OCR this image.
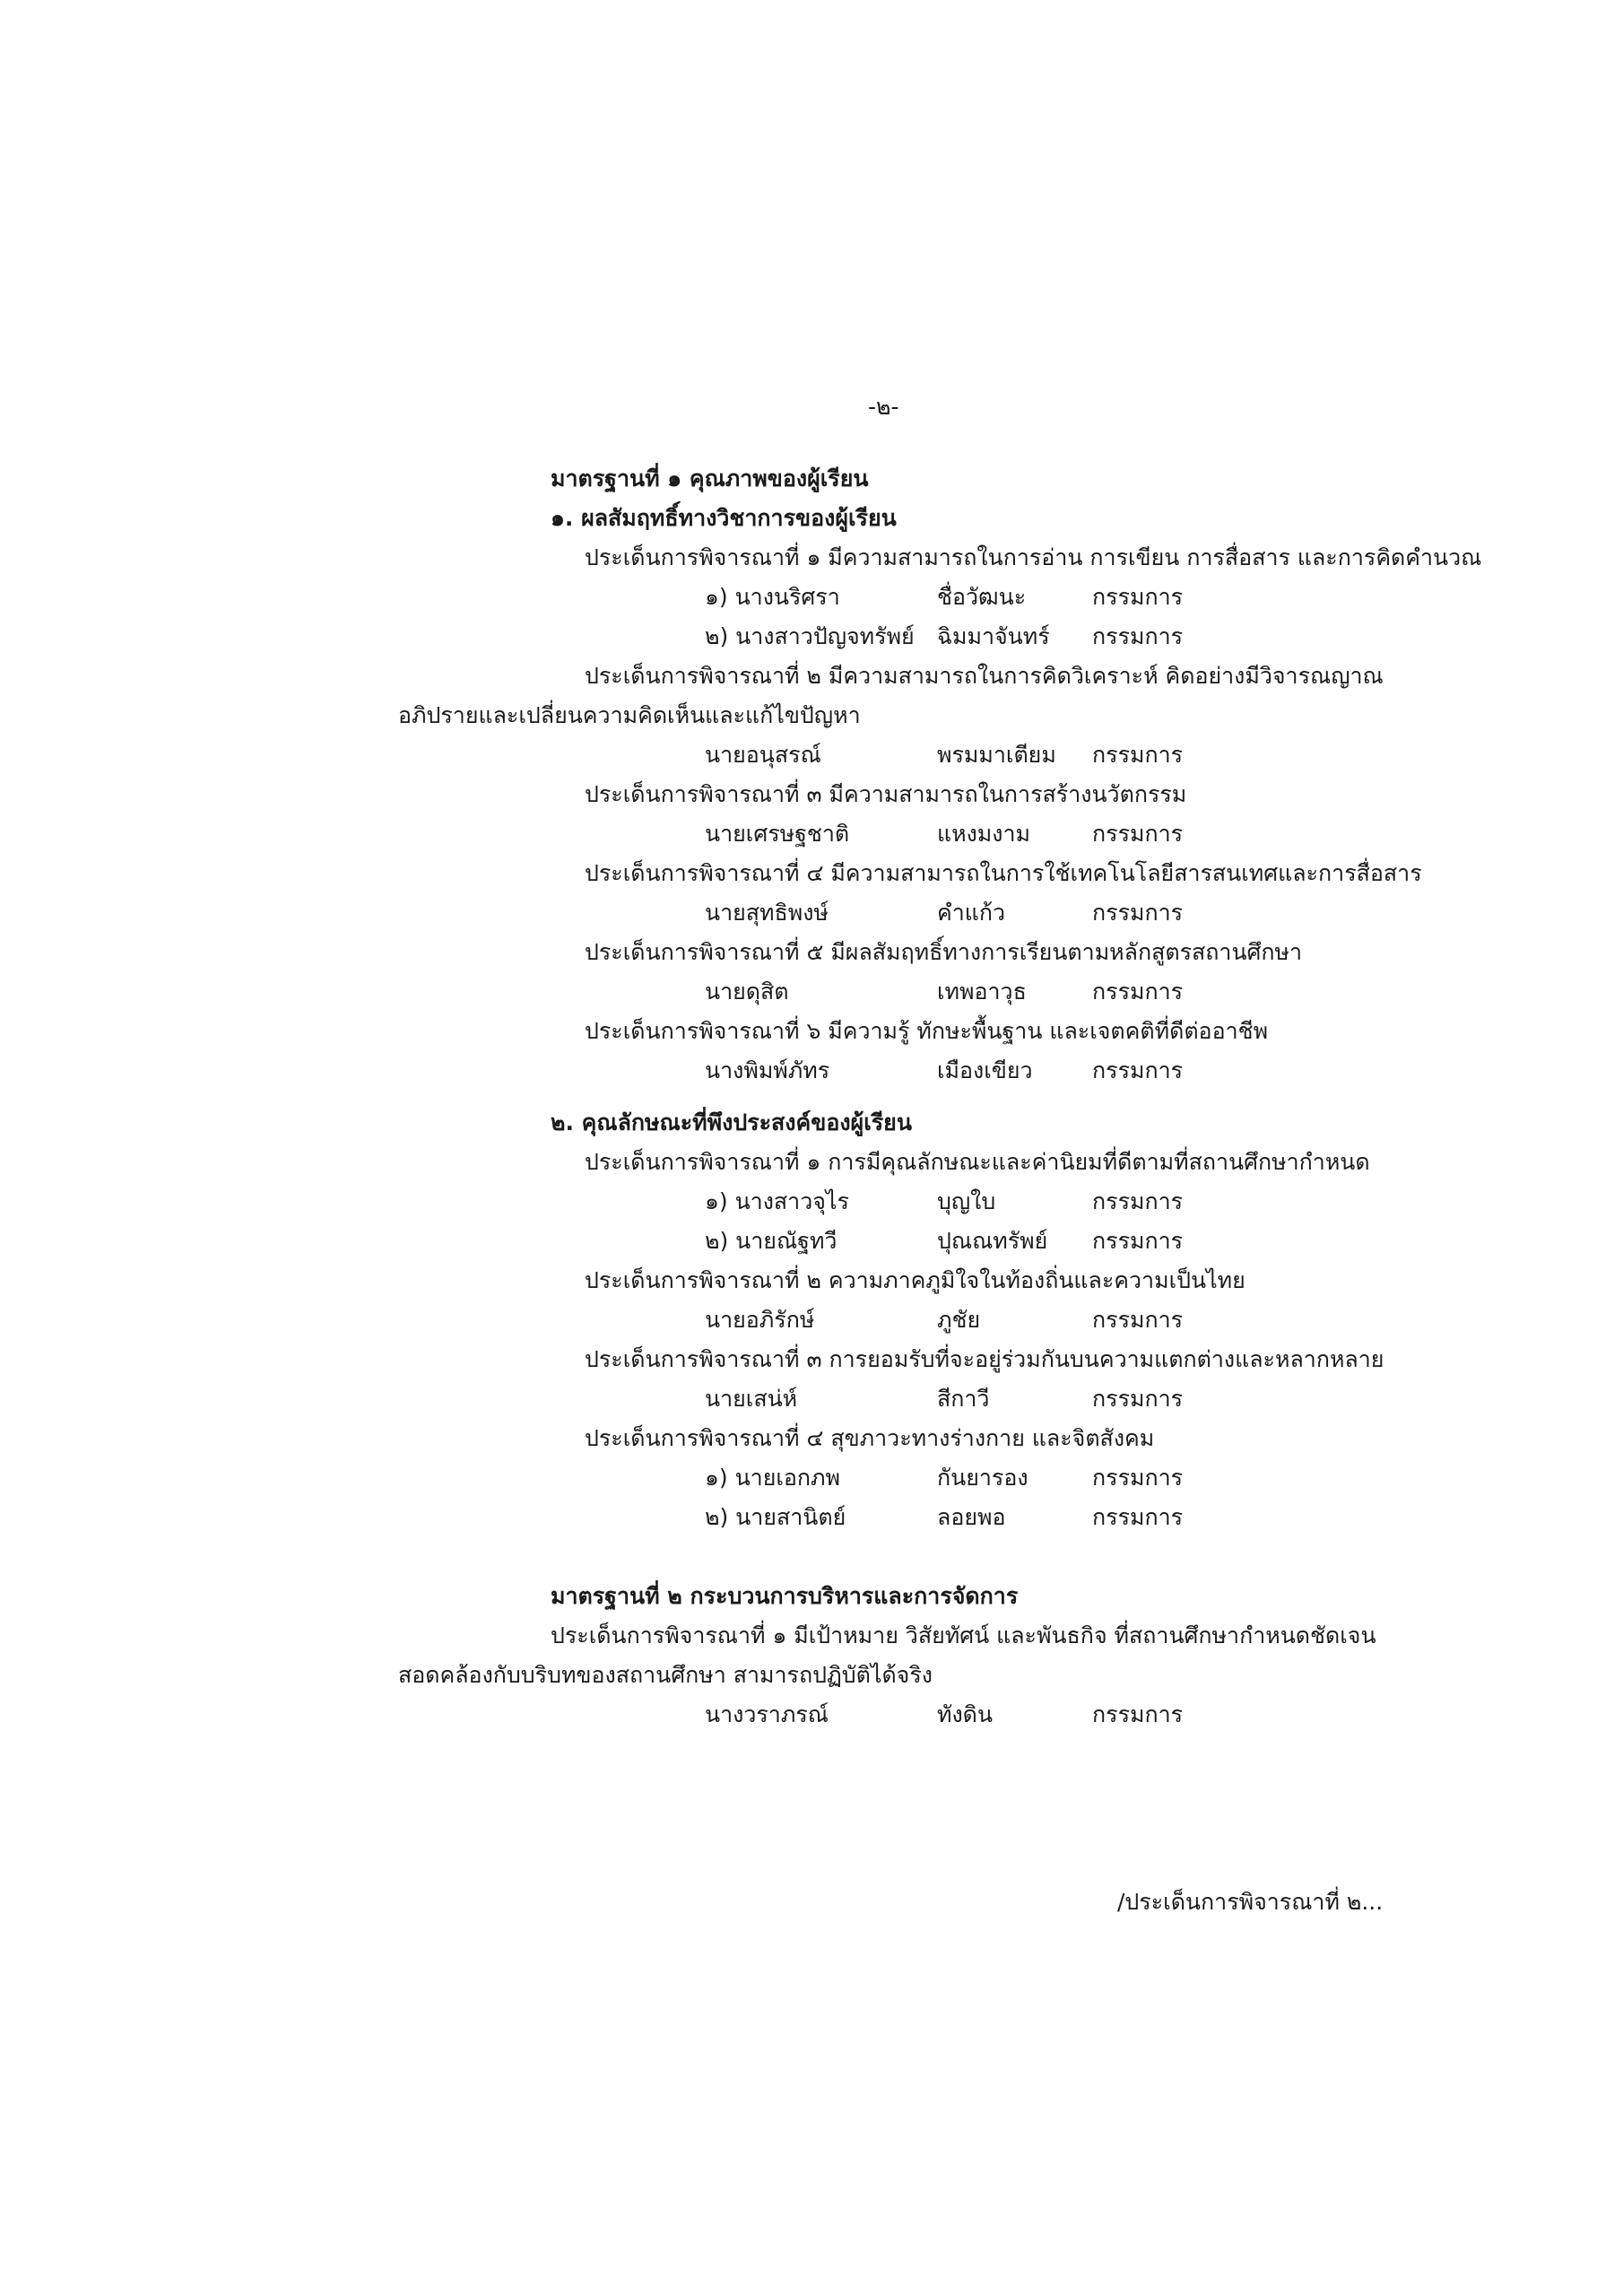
-๒-
มาตรฐานที่ ๑ คุณภาพของผู้เรียน
๑. ผลสัมฤทธิ์ทางวิชาการของผู้เรียน
ประเด็นการพิจารณาที่ ๑ มีความสามารถในการอ่าน การเขียน การสื่อสาร และการคิดคำนวณ
๑) นางนริศรา	ชื่อวัฒนะ	กรรมการ
๒) นางสาวปัญจทรัพย์ ฉิมมาจันทร์ กรรมการ
ประเด็นการพิจารณาที่ ๒ มีความสามารถในการคิดวิเคราะห์ คิดอย่างมีวิจารณญาณ
อภิปรายและเปลี่ยนความคิดเห็นและแก้ไขปัญหา
นายอนุสรณ์	พรมมาเตียม กรรมการ
ประเด็นการพิจารณาที่ ๓ มีความสามารถในการสร้างนวัตกรรม
นายเศรษฐชาติ	แหงมงาม	กรรมการ
ประเด็นการพิจารณาที่ ๔ มีความสามารถในการใช้เทคโนโลยีสารสนเทศและการสื่อสาร
นายสุทธิพงษ์	คำแก้ว	กรรมการ
ประเด็นการพิจารณาที่ ๕ มีผลสัมฤทธิ์ทางการเรียนตามหลักสูตรสถานศึกษา
นายดุสิต	เทพอาวุธ	กรรมการ
ประเด็นการพิจารณาที่ ๖ มีความรู้ ทักษะพื้นฐาน และเจตคติที่ดีต่ออาชีพ
นางพิมพ์ภัทร	เมืองเขียว	กรรมการ
๒. คุณลักษณะที่พึงประสงค์ของผู้เรียน
ประเด็นการพิจารณาที่ ๑ การมีคุณลักษณะและค่านิยมที่ดีตามที่สถานศึกษากำหนด
๑) นางสาวจุไร	บุญใบ	กรรมการ
๒) นายณัฐทวี	ปุณณทรัพย์ กรรมการ
ประเด็นการพิจารณาที่ ๒ ความภาคภูมิใจในท้องถิ่นและความเป็นไทย
นายอภิรักษ์	ภูชัย	กรรมการ
ประเด็นการพิจารณาที่ ๓ การยอมรับที่จะอยู่ร่วมกันบนความแตกต่างและหลากหลาย
นายเสน่ห์	สีกาวี	กรรมการ
ประเด็นการพิจารณาที่ ๔ สุขภาวะทางร่างกาย และจิตสังคม
๑) นายเอกภพ	กันยารอง	กรรมการ
๒) นายสานิตย์	ลอยพอ	กรรมการ
มาตรฐานที่ ๒ กระบวนการบริหารและการจัดการ
ประเด็นการพิจารณาที่ ๑ มีเป้าหมาย วิสัยทัศน์ และพันธกิจ ที่สถานศึกษากำหนดชัดเจน
สอดคล้องกับบริบทของสถานศึกษา สามารถปฏิบัติได้จริง
นางวราภรณ์	ทังดิน	กรรมการ
/ประเด็นการพิจารณาที่ ๒...
